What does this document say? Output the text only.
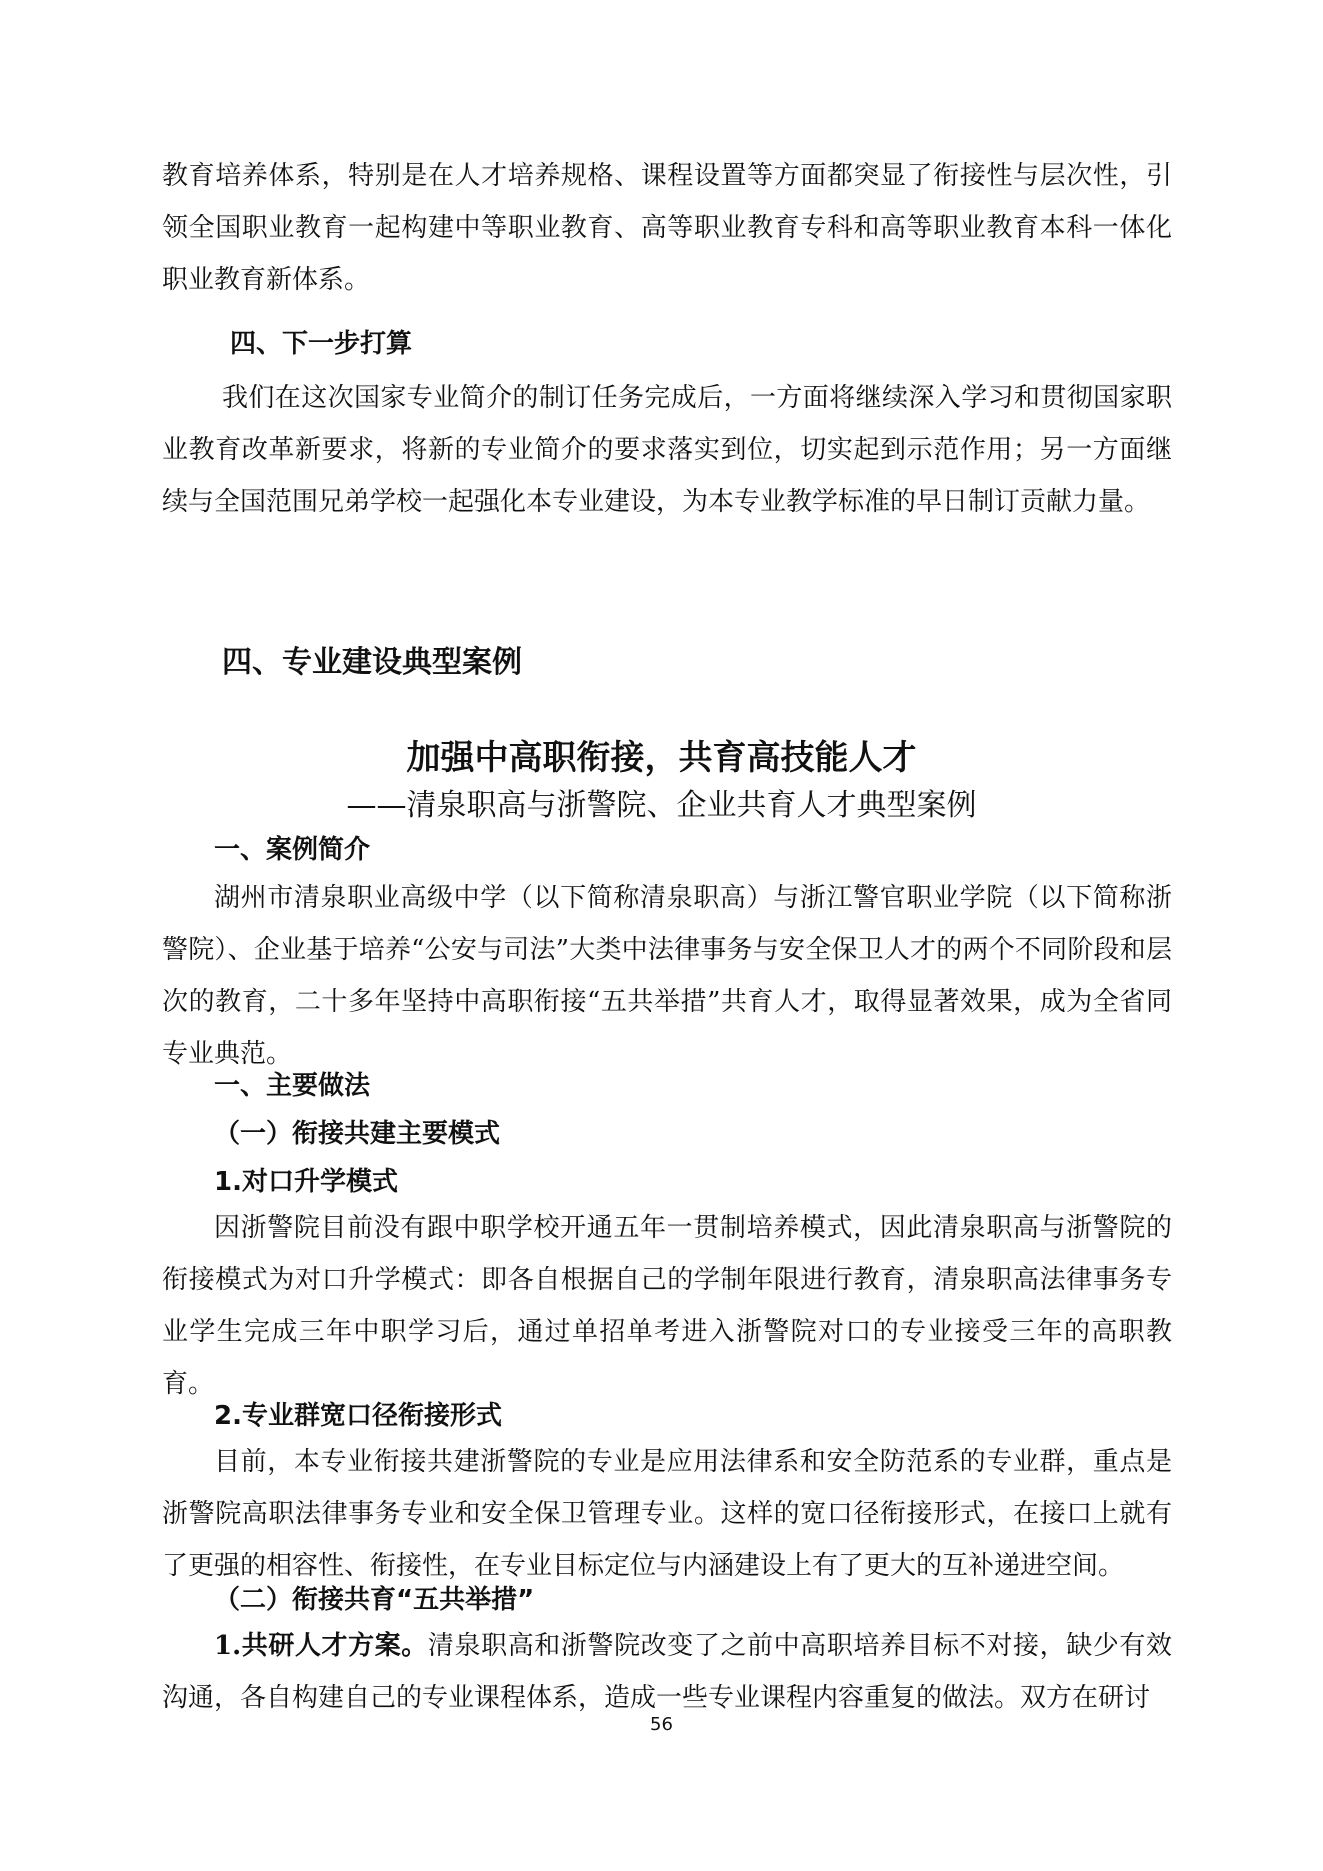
教育培养体系，特别是在人才培养规格、课程设置等方面都突显了衔接性与层次性，引领全国职业教育一起构建中等职业教育、高等职业教育专科和高等职业教育本科一体化职业教育新体系。

四、下一步打算

我们在这次国家专业简介的制订任务完成后，一方面将继续深入学习和贯彻国家职业教育改革新要求，将新的专业简介的要求落实到位，切实起到示范作用；另一方面继续与全国范围兄弟学校一起强化本专业建设，为本专业教学标准的早日制订贡献力量。

四、专业建设典型案例
加强中高职衔接，共育高技能人才
——清泉职高与浙警院、企业共育人才典型案例
一、案例简介

湖州市清泉职业高级中学（以下简称清泉职高）与浙江警官职业学院（以下简称浙警院）、企业基于培养“公安与司法”大类中法律事务与安全保卫人才的两个不同阶段和层次的教育，二十多年坚持中高职衔接“五共举措”共育人才，取得显著效果，成为全省同专业典范。

一、主要做法
（一）衔接共建主要模式
1.对口升学模式

因浙警院目前没有跟中职学校开通五年一贯制培养模式，因此清泉职高与浙警院的衔接模式为对口升学模式：即各自根据自己的学制年限进行教育，清泉职高法律事务专业学生完成三年中职学习后，通过单招单考进入浙警院对口的专业接受三年的高职教育。

2.专业群宽口径衔接形式

目前，本专业衔接共建浙警院的专业是应用法律系和安全防范系的专业群，重点是浙警院高职法律事务专业和安全保卫管理专业。这样的宽口径衔接形式，在接口上就有了更强的相容性、衔接性，在专业目标定位与内涵建设上有了更大的互补递进空间。

（二）衔接共育“五共举措”

1.共研人才方案。清泉职高和浙警院改变了之前中高职培养目标不对接，缺少有效沟通，各自构建自己的专业课程体系，造成一些专业课程内容重复的做法。双方在研讨

56
